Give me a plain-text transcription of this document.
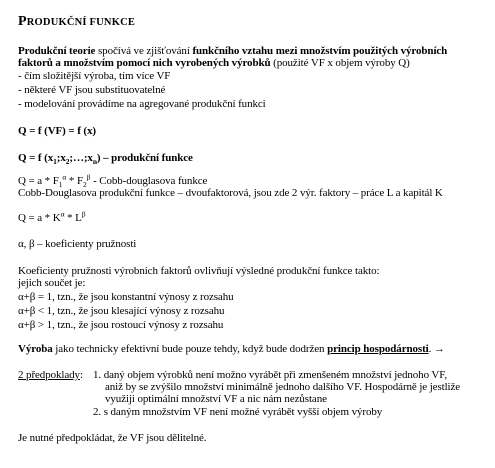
PRODUKČNÍ FUNKCE
Produkční teorie spočívá ve zjišťování funkčního vztahu mezi množstvím použitých výrobních
faktorů a množstvím pomocí nich vyrobených výrobků (použité VF x objem výroby Q)
- čím složitější výroba, tím více VF
- některé VF jsou substituovatelné
- modelování provádíme na agregované produkční funkci
Q = f (VF) = f (x)
Q = f $(x_1;x_2;\dots;x_n)$ – produkční funkce
$Q = a * F_1^\alpha * F_2^\beta$ - Cobb-douglasova funkce
Cobb-Douglasova produkční funkce – dvoufaktorová, jsou zde 2 výr. faktory – práce L a kapitál K
$Q = a * K^\alpha * L^\beta$
α, β – koeficienty pružnosti
Koeficienty pružnosti výrobních faktorů ovlivňují výsledné produkční funkce takto:
jejich součet je:
α+β = 1, tzn., že jsou konstantní výnosy z rozsahu
α+β < 1, tzn., že jsou klesající výnosy z rozsahu
α+β > 1, tzn., že jsou rostoucí výnosy z rozsahu
Výroba jako technicky efektivní bude pouze tehdy, když bude dodržen princip hospodárnosti. →
2 předpoklady: 1. daný objem výrobků není možno vyrábět při zmenšeném množství jednoho VF,
aniž by se zvýšilo množství minimálně jednoho dalšího VF. Hospodárně je jestliže
využiji optimální množství VF a nic nám nezůstane
2. s daným množstvím VF není možné vyrábět vyšší objem výroby
Je nutné předpokládat, že VF jsou dělitelné.
